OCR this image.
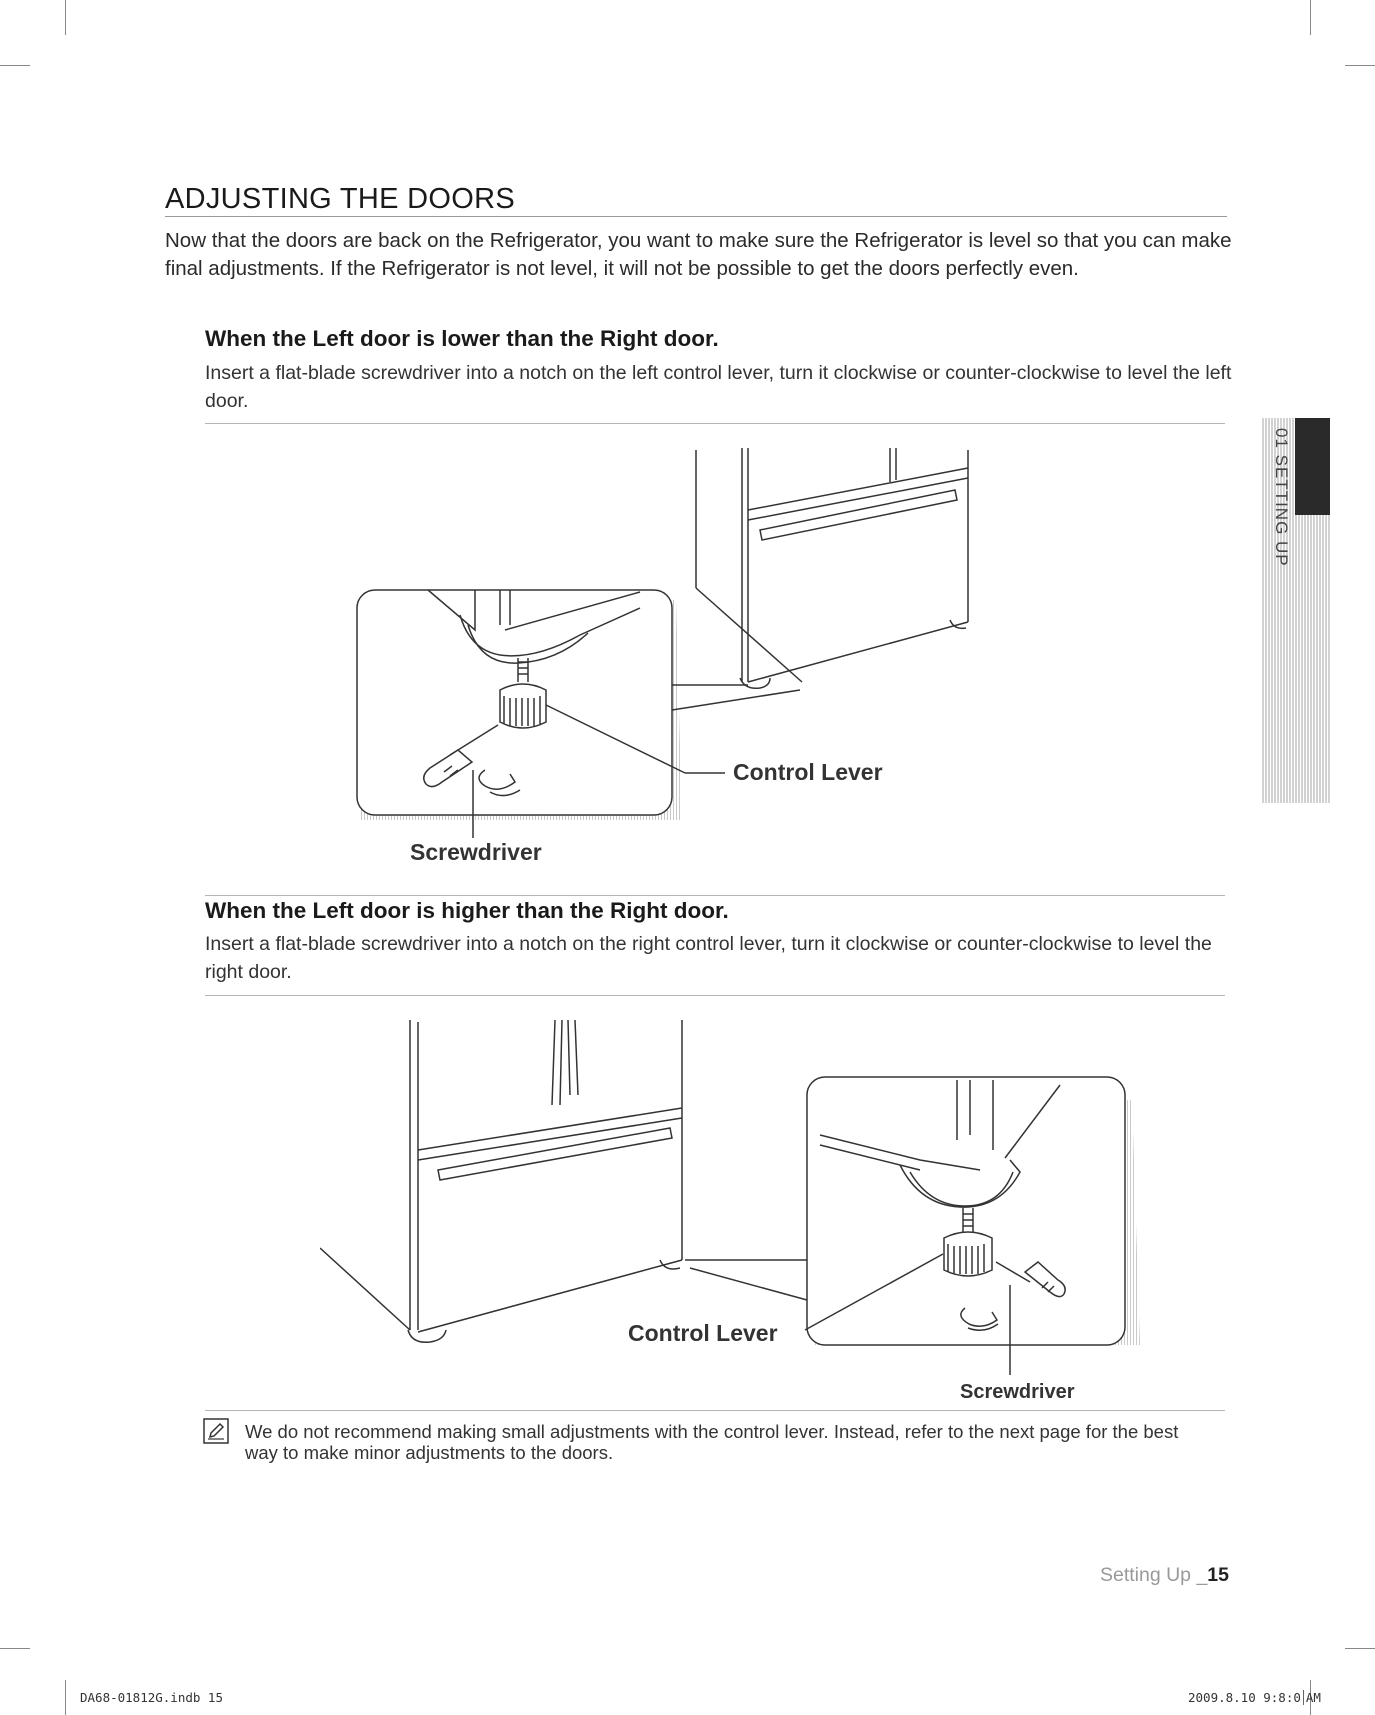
ADJUSTING THE DOORS

Now that the doors are back on the Refrigerator, you want to make sure the Refrigerator is level so that you can make final adjustments. If the Refrigerator is not level, it will not be possible to get the doors perfectly even.

When the Left door is lower than the Right door.

Insert a flat-blade screwdriver into a notch on the left control lever, turn it clockwise or counter-clockwise to level the left door.

Control Lever
Screwdriver
When the Left door is higher than the Right door.

Insert a flat-blade screwdriver into a notch on the right control lever, turn it clockwise or counter-clockwise to level the right door.

Control Lever
Screwdriver

We do not recommend making small adjustments with the control lever. Instead, refer to the next page for the best way to make minor adjustments to the doors.

01 SETTING UP
Setting Up _15
DA68-01812G.indb 15	2009.8.10 9:8:0 AM
